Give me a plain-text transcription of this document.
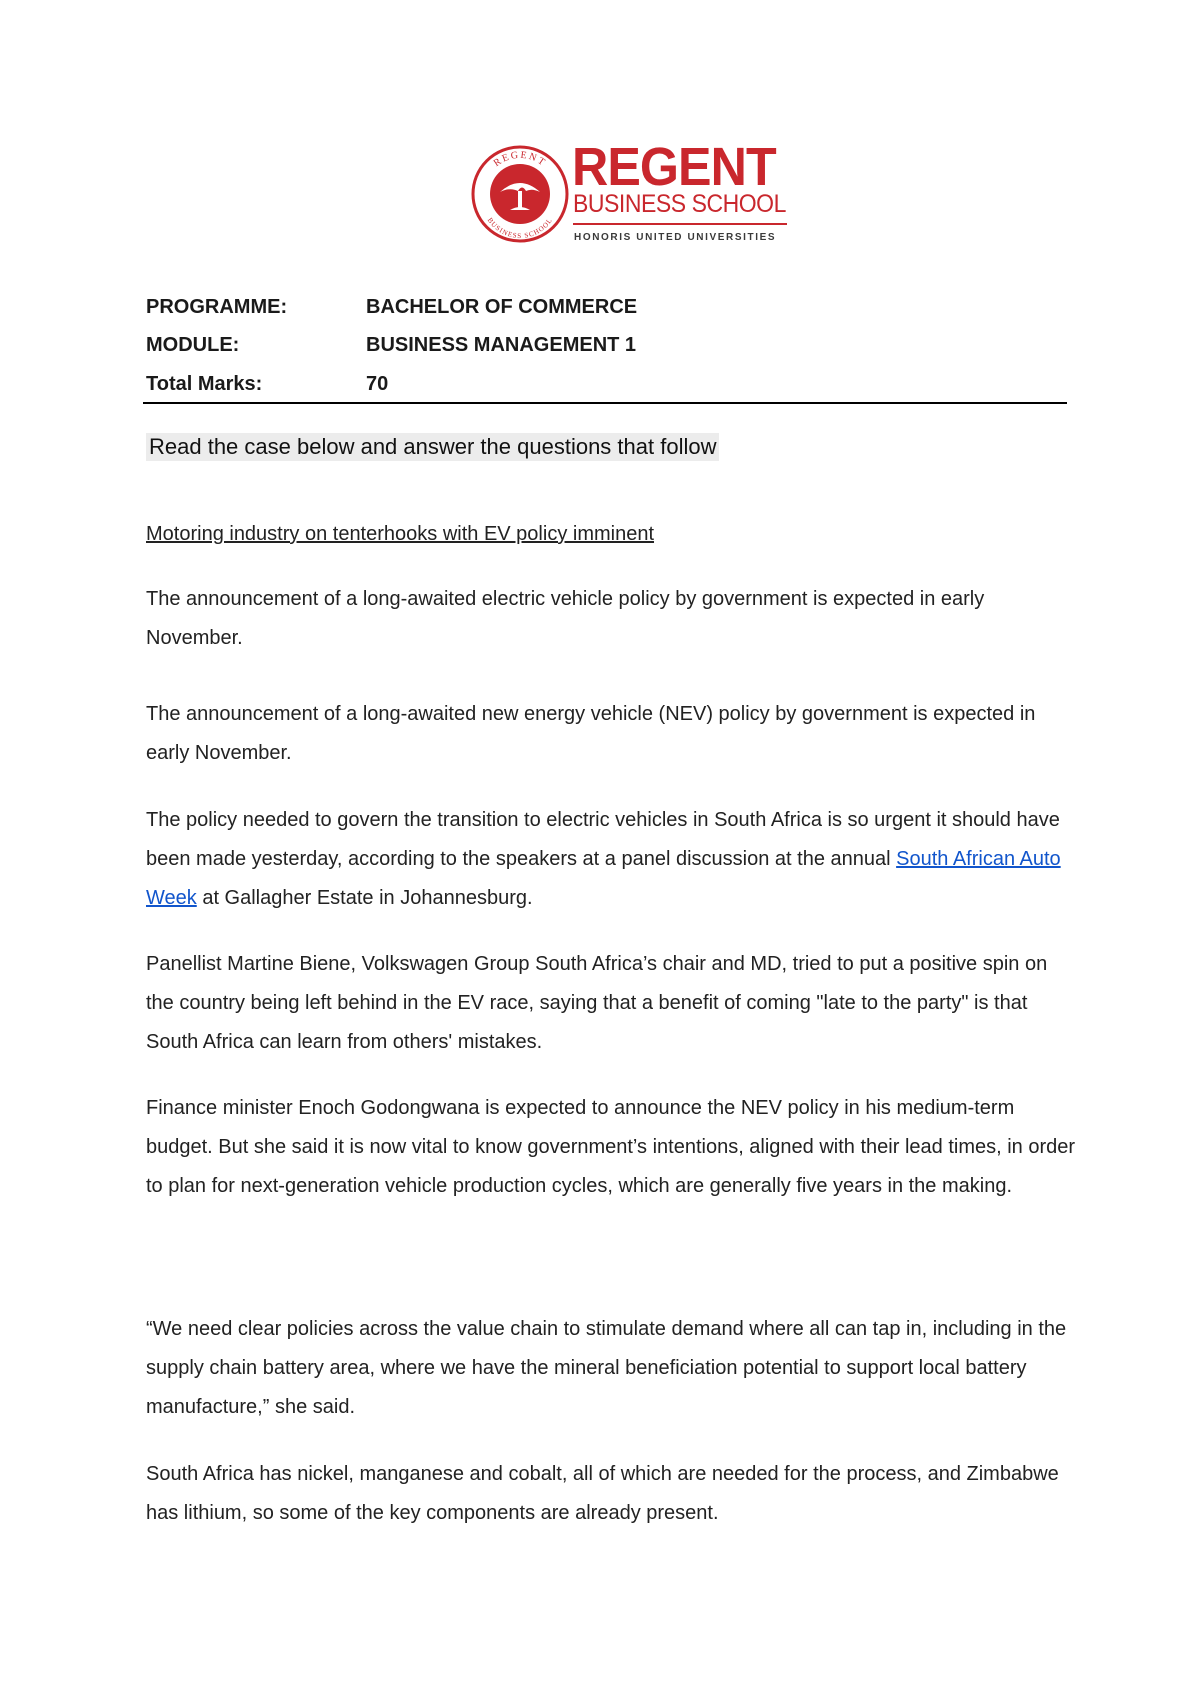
REGENT
BUSINESS SCHOOL
REGENT
BUSINESS SCHOOL
HONORIS UNITED UNIVERSITIES
PROGRAMME:	BACHELOR OF COMMERCE
MODULE:	BUSINESS MANAGEMENT 1
Total Marks:	70
Read the case below and answer the questions that follow
Motoring industry on tenterhooks with EV policy imminent

The announcement of a long-awaited electric vehicle policy by government is expected in early November.

The announcement of a long-awaited new energy vehicle (NEV) policy by government is expected in early November.

The policy needed to govern the transition to electric vehicles in South Africa is so urgent it should have been made yesterday, according to the speakers at a panel discussion at the annual South African Auto Week at Gallagher Estate in Johannesburg.

Panellist Martine Biene, Volkswagen Group South Africa’s chair and MD, tried to put a positive spin on the country being left behind in the EV race, saying that a benefit of coming "late to the party" is that South Africa can learn from others' mistakes.

Finance minister Enoch Godongwana is expected to announce the NEV policy in his medium-term budget. But she said it is now vital to know government’s intentions, aligned with their lead times, in order to plan for next-generation vehicle production cycles, which are generally five years in the making.

“We need clear policies across the value chain to stimulate demand where all can tap in, including in the supply chain battery area, where we have the mineral beneficiation potential to support local battery manufacture,” she said.

South Africa has nickel, manganese and cobalt, all of which are needed for the process, and Zimbabwe has lithium, so some of the key components are already present.
